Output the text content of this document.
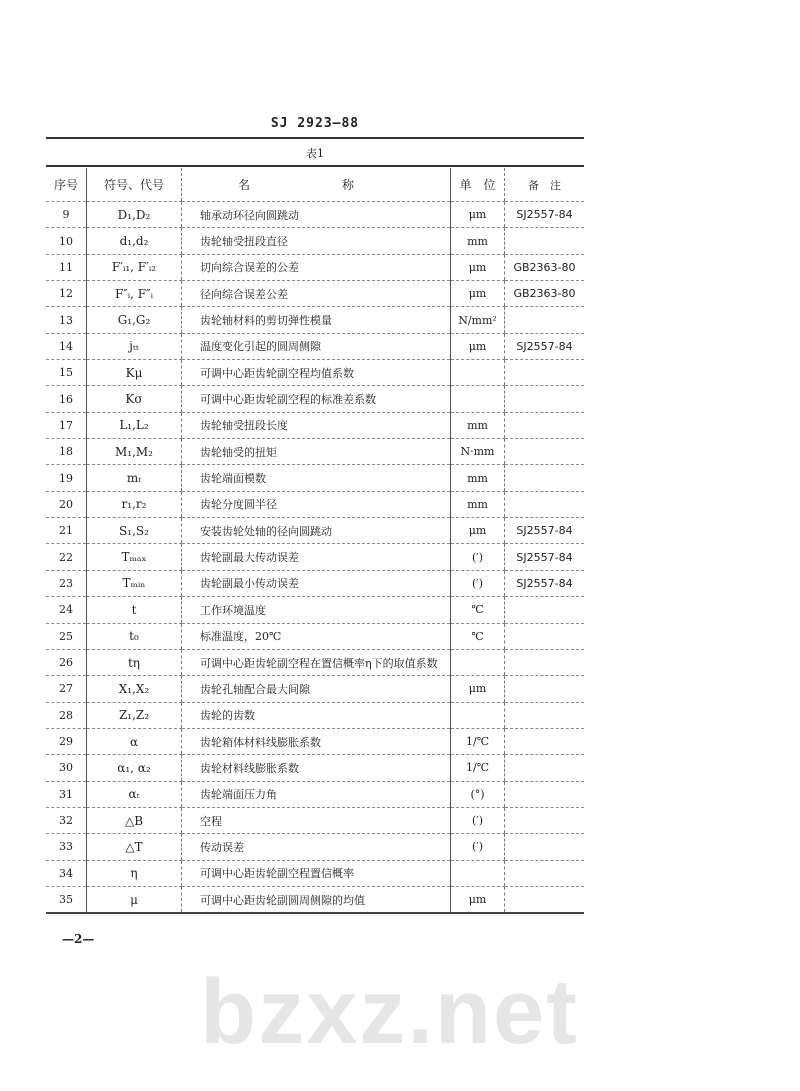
SJ 2923—88
表1
序号	符号、代号	名　称	单　位	备　注
9	D₁,D₂	轴承动环径向圆跳动	μm	SJ2557-84
10	d₁,d₂	齿轮轴受扭段直径	mm	
11	F′ᵢ₁, F′ᵢ₂	切向综合误差的公差	μm	GB2363-80
12	F″ᵢ, F″ᵢ	径向综合误差公差	μm	GB2363-80
13	G₁,G₂	齿轮轴材料的剪切弹性模量	N/mm²	
14	jₜₜ	温度变化引起的圆周侧隙	μm	SJ2557-84
15	Kμ	可调中心距齿轮副空程均值系数		
16	Kσ	可调中心距齿轮副空程的标准差系数		
17	L₁,L₂	齿轮轴受扭段长度	mm	
18	M₁,M₂	齿轮轴受的扭矩	N·mm	
19	mₜ	齿轮端面模数	mm	
20	r₁,r₂	齿轮分度圆半径	mm	
21	S₁,S₂	安装齿轮处轴的径向圆跳动	μm	SJ2557-84
22	Tₘₐₓ	齿轮副最大传动误差	(′)	SJ2557-84
23	Tₘᵢₙ	齿轮副最小传动误差	(′)	SJ2557-84
24	t	工作环境温度	℃	
25	t₀	标准温度，20℃	℃	
26	tη	可调中心距齿轮副空程在置信概率η下的取值系数		
27	X₁,X₂	齿轮孔轴配合最大间隙	μm	
28	Z₁,Z₂	齿轮的齿数		
29	α	齿轮箱体材料线膨胀系数	1/℃	
30	α₁, α₂	齿轮材料线膨胀系数	1/℃	
31	αₜ	齿轮端面压力角	(°)	
32	△B	空程	(′)	
33	△T	传动误差	(′)	
34	η	可调中心距齿轮副空程置信概率		
35	μ	可调中心距齿轮副圆周侧隙的均值	μm	
—2—
bzxz.net
